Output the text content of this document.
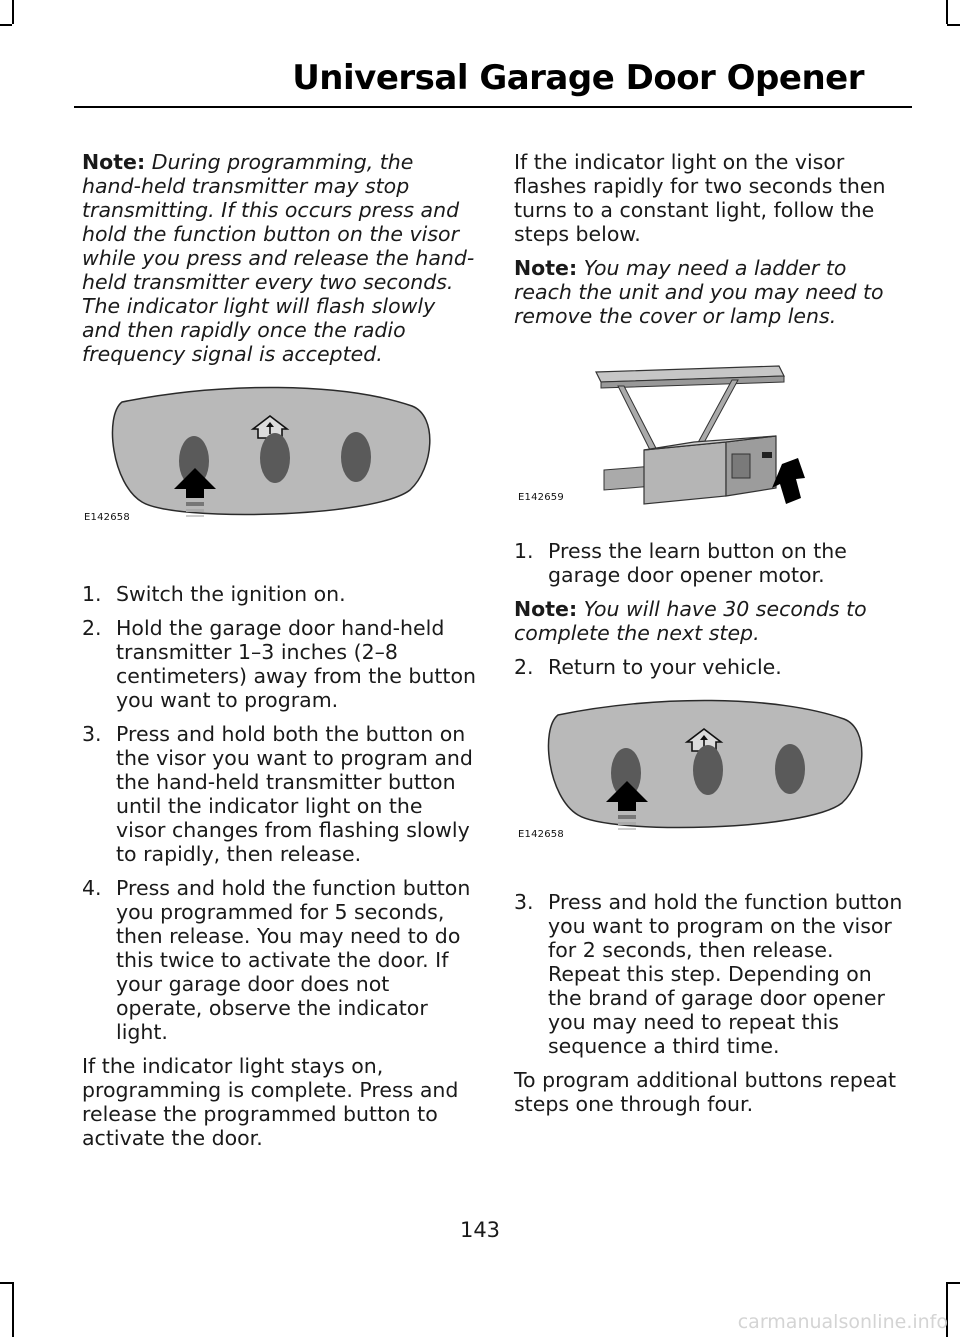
Universal Garage Door Opener

Note: During programming, the hand-held transmitter may stop transmitting. If this occurs press and hold the function button on the visor while you press and release the hand-held transmitter every two seconds. The indicator light will flash slowly and then rapidly once the radio frequency signal is accepted.

E142658
1. Switch the ignition on.
2. Hold the garage door hand-held transmitter 1–3 inches (2–8 centimeters) away from the button you want to program.
3. Press and hold both the button on the visor you want to program and the hand-held transmitter button until the indicator light on the visor changes from flashing slowly to rapidly, then release.
4. Press and hold the function button you programmed for 5 seconds, then release. You may need to do this twice to activate the door. If your garage door does not operate, observe the indicator light.

If the indicator light stays on, programming is complete. Press and release the programmed button to activate the door.

If the indicator light on the visor flashes rapidly for two seconds then turns to a constant light, follow the steps below.

Note: You may need a ladder to reach the unit and you may need to remove the cover or lamp lens.

E142659
1. Press the learn button on the garage door opener motor.

Note: You will have 30 seconds to complete the next step.

2. Return to your vehicle.
E142658
3. Press and hold the function button you want to program on the visor for 2 seconds, then release. Repeat this step. Depending on the brand of garage door opener you may need to repeat this sequence a third time.

To program additional buttons repeat steps one through four.

143
carmanualsonline.info
